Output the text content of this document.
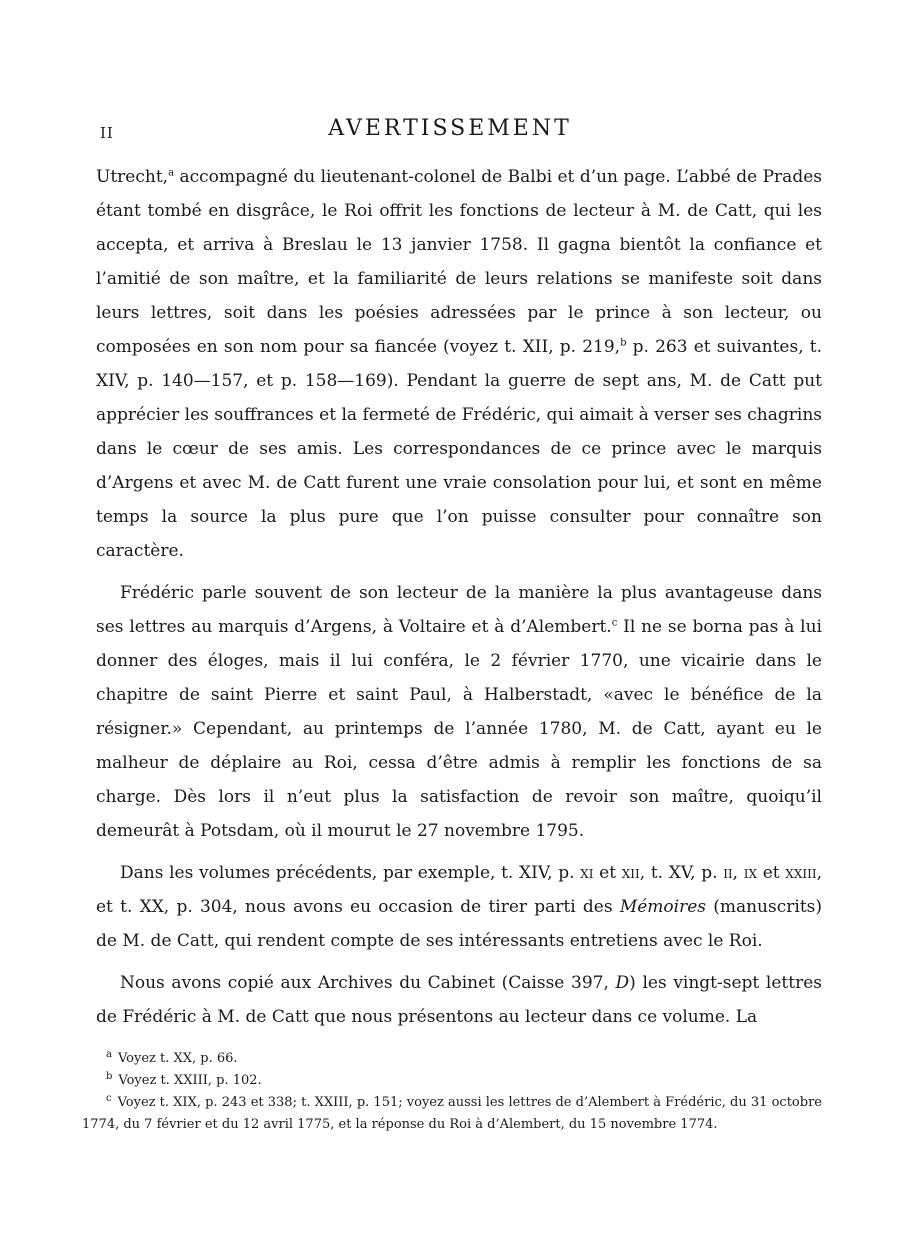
II	AVERTISSEMENT

Utrecht,$^a$ accompagné du lieutenant-colonel de Balbi et d’un page. L’abbé de Prades étant tombé en disgrâce, le Roi offrit les fonctions de lecteur à M. de Catt, qui les accepta, et arriva à Breslau le 13 janvier 1758. Il gagna bientôt la confiance et l’amitié de son maître, et la familiarité de leurs relations se manifeste soit dans leurs lettres, soit dans les poésies adressées par le prince à son lecteur, ou composées en son nom pour sa fiancée (voyez t. XII, p. 219,$^b$ p. 263 et suivantes, t. XIV, p. 140—157, et p. 158—169). Pendant la guerre de sept ans, M. de Catt put apprécier les souffrances et la fermeté de Frédéric, qui aimait à verser ses chagrins dans le cœur de ses amis. Les correspondances de ce prince avec le marquis d’Argens et avec M. de Catt furent une vraie consolation pour lui, et sont en même temps la source la plus pure que l’on puisse consulter pour connaître son caractère.

Frédéric parle souvent de son lecteur de la manière la plus avantageuse dans ses lettres au marquis d’Argens, à Voltaire et à d’Alembert.$^c$ Il ne se borna pas à lui donner des éloges, mais il lui conféra, le 2 février 1770, une vicairie dans le chapitre de saint Pierre et saint Paul, à Halberstadt, «avec le bénéfice de la résigner.» Cependant, au printemps de l’année 1780, M. de Catt, ayant eu le malheur de déplaire au Roi, cessa d’être admis à remplir les fonctions de sa charge. Dès lors il n’eut plus la satisfaction de revoir son maître, quoiqu’il demeurât à Potsdam, où il mourut le 27 novembre 1795.

Dans les volumes précédents, par exemple, t. XIV, p. xi et xii, t. XV, p. ii, ix et xxiii, et t. XX, p. 304, nous avons eu occasion de tirer parti des Mémoires (manuscrits) de M. de Catt, qui rendent compte de ses intéressants entretiens avec le Roi.

Nous avons copié aux Archives du Cabinet (Caisse 397, D) les vingt-sept lettres de Frédéric à M. de Catt que nous présentons au lecteur dans ce volume. La

$^a$ Voyez t. XX, p. 66.
$^b$ Voyez t. XXIII, p. 102.
$^c$ Voyez t. XIX, p. 243 et 338; t. XXIII, p. 151; voyez aussi les lettres de d’Alembert à Frédéric, du 31 octobre 1774, du 7 février et du 12 avril 1775, et la réponse du Roi à d’Alembert, du 15 novembre 1774.
